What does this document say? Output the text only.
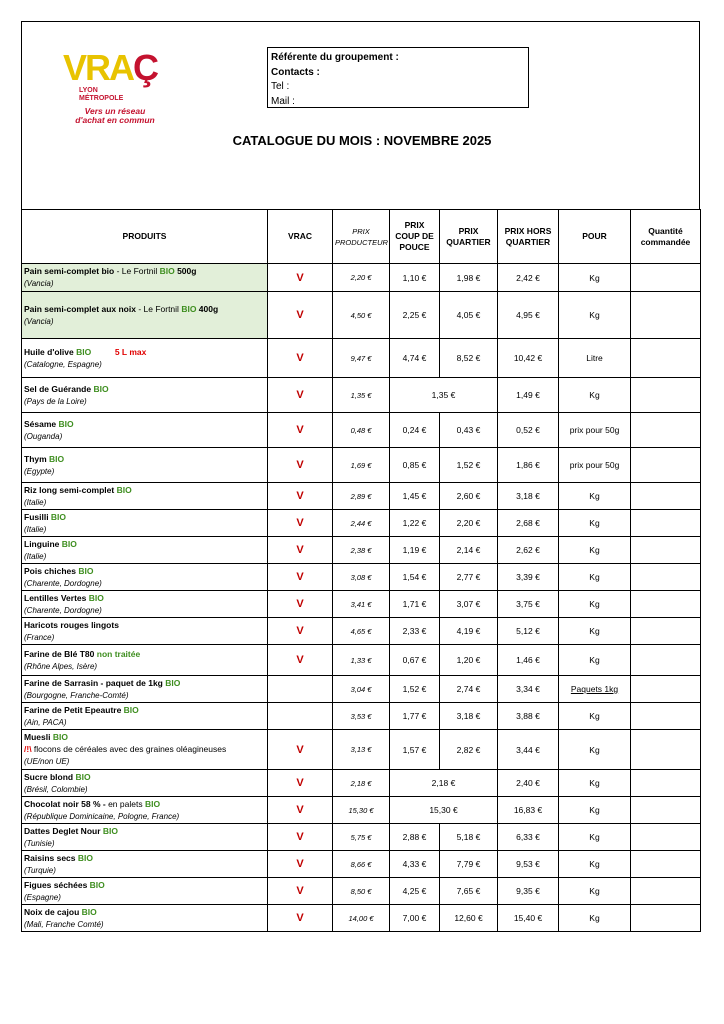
VRAÇ
LYON
MÉTROPOLE
Vers un réseau
d'achat en commun
Référente du groupement :
Contacts :
Tel :
Mail :
CATALOGUE DU MOIS : NOVEMBRE 2025
PRODUITS	VRAC	PRIX PRODUCTEUR	PRIX COUP DE POUCE	PRIX QUARTIER	PRIX HORS QUARTIER	POUR	Quantité commandée

Pain semi-complet bio - Le Fortnil BIO 500g
(Vancia)	V	2,20 €	1,10 €	1,98 €	2,42 €	Kg	

Pain semi-complet aux noix - Le Fortnil BIO 400g
(Vancia)	V	4,50 €	2,25 €	4,05 €	4,95 €	Kg	

Huile d'olive BIO 5 L max
(Catalogne, Espagne)	V	9,47 €	4,74 €	8,52 €	10,42 €	Litre	

Sel de Guérande BIO
(Pays de la Loire)	V	1,35 €	1,35 €		1,49 €	Kg	

Sésame BIO
(Ouganda)	V	0,48 €	0,24 €	0,43 €	0,52 €	prix pour 50g	

Thym BIO
(Egypte)	V	1,69 €	0,85 €	1,52 €	1,86 €	prix pour 50g	

Riz long semi-complet BIO
(Italie)	V	2,89 €	1,45 €	2,60 €	3,18 €	Kg	

Fusilli BIO
(Italie)	V	2,44 €	1,22 €	2,20 €	2,68 €	Kg	

Linguine BIO
(Italie)	V	2,38 €	1,19 €	2,14 €	2,62 €	Kg	

Pois chiches BIO
(Charente, Dordogne)	V	3,08 €	1,54 €	2,77 €	3,39 €	Kg	

Lentilles Vertes BIO
(Charente, Dordogne)	V	3,41 €	1,71 €	3,07 €	3,75 €	Kg	

Haricots rouges lingots
(France)	V	4,65 €	2,33 €	4,19 €	5,12 €	Kg	

Farine de Blé T80 non traitée
(Rhône Alpes, Isère)	V	1,33 €	0,67 €	1,20 €	1,46 €	Kg	

Farine de Sarrasin - paquet de 1kg BIO
(Bourgogne, Franche-Comté)		3,04 €	1,52 €	2,74 €	3,34 €	Paquets 1kg	

Farine de Petit Epeautre BIO
(Ain, PACA)		3,53 €	1,77 €	3,18 €	3,88 €	Kg	

Muesli BIO
/!\ flocons de céréales avec des graines oléagineuses
(UE/non UE)	V	3,13 €	1,57 €	2,82 €	3,44 €	Kg	

Sucre blond BIO
(Brésil, Colombie)	V	2,18 €	2,18 €		2,40 €	Kg	

Chocolat noir 58 % - en palets BIO
(République Dominicaine, Pologne, France)	V	15,30 €	15,30 €		16,83 €	Kg	

Dattes Deglet Nour BIO
(Tunisie)	V	5,75 €	2,88 €	5,18 €	6,33 €	Kg	

Raisins secs BIO
(Turquie)	V	8,66 €	4,33 €	7,79 €	9,53 €	Kg	

Figues séchées BIO
(Espagne)	V	8,50 €	4,25 €	7,65 €	9,35 €	Kg	

Noix de cajou BIO
(Mali, Franche Comté)	V	14,00 €	7,00 €	12,60 €	15,40 €	Kg	
